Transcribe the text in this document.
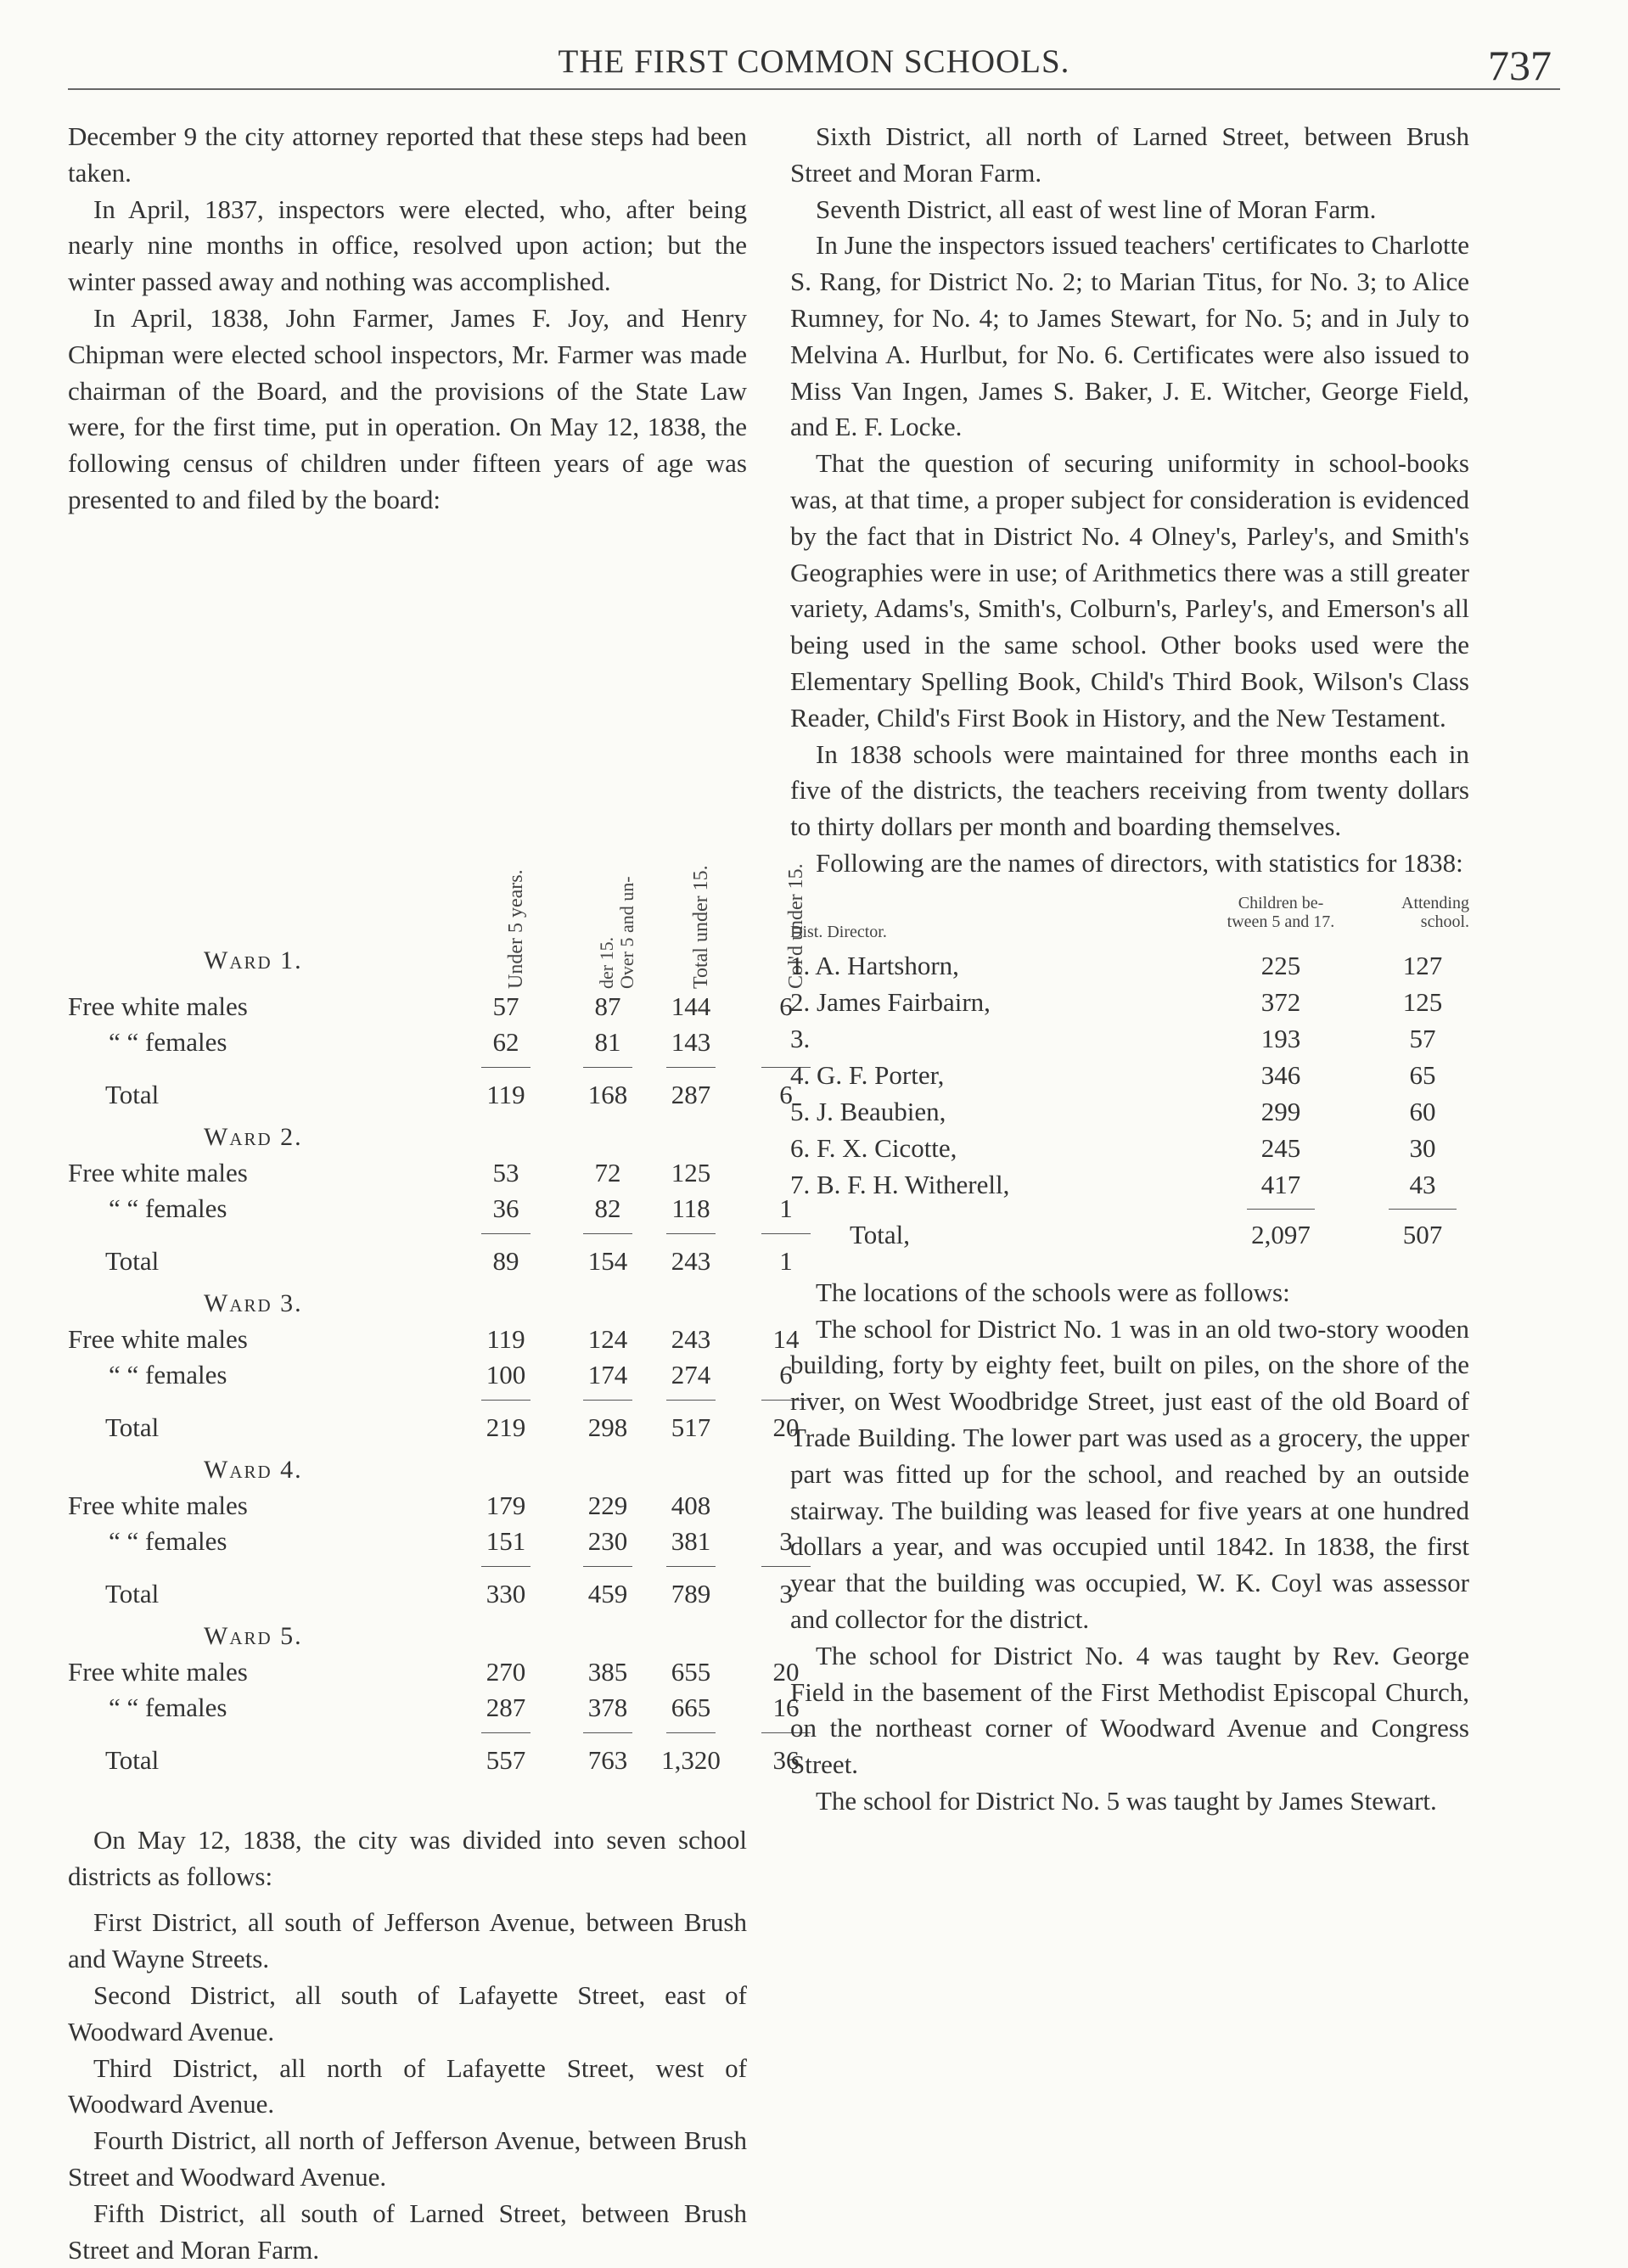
THE FIRST COMMON SCHOOLS.	737

December 9 the city attorney reported that these steps had been taken.

In April, 1837, inspectors were elected, who, after being nearly nine months in office, resolved upon action; but the winter passed away and nothing was accomplished.

In April, 1838, John Farmer, James F. Joy, and Henry Chipman were elected school inspectors, Mr. Farmer was made chairman of the Board, and the provisions of the State Law were, for the first time, put in operation. On May 12, 1838, the following census of children under fifteen years of age was presented to and filed by the board:

Ward 1.	Under 5 years.	Over 5 and un-
der 15.	Total under 15.	Col'd under 15.
Free white males	57	87	144	6
“ “ females	62	81	143
Total	119	168	287	6
Ward 2.
Free white males	53	72	125
“ “ females	36	82	118	1
Total	89	154	243	1
Ward 3.
Free white males	119	124	243	14
“ “ females	100	174	274	6
Total	219	298	517	20
Ward 4.
Free white males	179	229	408
“ “ females	151	230	381	3
Total	330	459	789	3
Ward 5.
Free white males	270	385	655	20
“ “ females	287	378	665	16
Total	557	763	1,320	36

On May 12, 1838, the city was divided into seven school districts as follows:

First District, all south of Jefferson Avenue, between Brush and Wayne Streets.

Second District, all south of Lafayette Street, east of Woodward Avenue.

Third District, all north of Lafayette Street, west of Woodward Avenue.

Fourth District, all north of Jefferson Avenue, between Brush Street and Woodward Avenue.

Fifth District, all south of Larned Street, between Brush Street and Moran Farm.

Sixth District, all north of Larned Street, between Brush Street and Moran Farm.

Seventh District, all east of west line of Moran Farm.

In June the inspectors issued teachers' certificates to Charlotte S. Rang, for District No. 2; to Marian Titus, for No. 3; to Alice Rumney, for No. 4; to James Stewart, for No. 5; and in July to Melvina A. Hurlbut, for No. 6. Certificates were also issued to Miss Van Ingen, James S. Baker, J. E. Witcher, George Field, and E. F. Locke.

That the question of securing uniformity in school-books was, at that time, a proper subject for consideration is evidenced by the fact that in District No. 4 Olney's, Parley's, and Smith's Geographies were in use; of Arithmetics there was a still greater variety, Adams's, Smith's, Colburn's, Parley's, and Emerson's all being used in the same school. Other books used were the Elementary Spelling Book, Child's Third Book, Wilson's Class Reader, Child's First Book in History, and the New Testament.

In 1838 schools were maintained for three months each in five of the districts, the teachers receiving from twenty dollars to thirty dollars per month and boarding themselves.

Following are the names of directors, with statistics for 1838:

Dist. Director.
Children be-
tween 5 and 17.
Attending
school.
1. A. Hartshorn,	225	127
2. James Fairbairn,	372	125
3.	193	57
4. G. F. Porter,	346	65
5. J. Beaubien,	299	60
6. F. X. Cicotte,	245	30
7. B. F. H. Witherell,	417	43
Total,	2,097	507

The locations of the schools were as follows:

The school for District No. 1 was in an old two-story wooden building, forty by eighty feet, built on piles, on the shore of the river, on West Woodbridge Street, just east of the old Board of Trade Building. The lower part was used as a grocery, the upper part was fitted up for the school, and reached by an outside stairway. The building was leased for five years at one hundred dollars a year, and was occupied until 1842. In 1838, the first year that the building was occupied, W. K. Coyl was assessor and collector for the district.

The school for District No. 4 was taught by Rev. George Field in the basement of the First Methodist Episcopal Church, on the northeast corner of Woodward Avenue and Congress Street.

The school for District No. 5 was taught by James Stewart.
